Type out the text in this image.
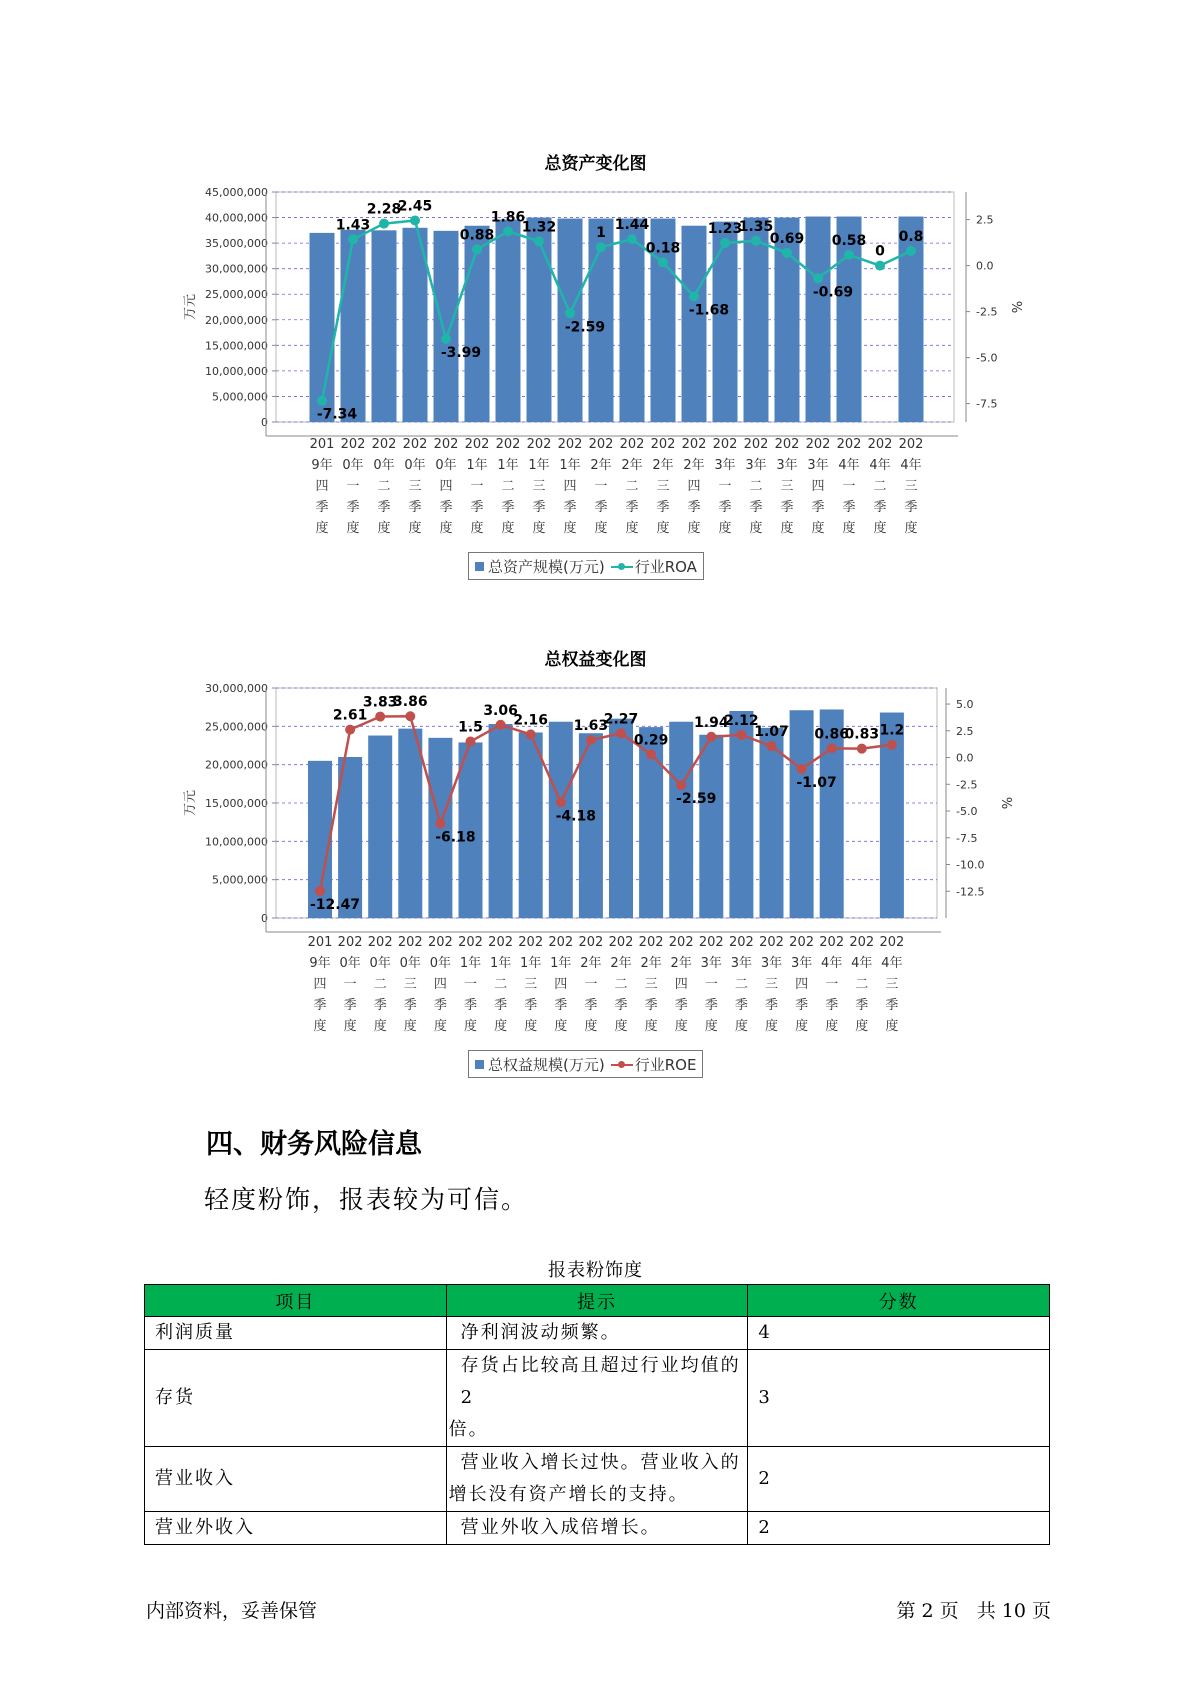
总资产变化图
0
5,000,000
10,000,000
15,000,000
20,000,000
25,000,000
30,000,000
35,000,000
40,000,000
45,000,000
万元
-7.5
-5.0
-2.5
0.0
2.5
%
-7.34
1.43
2.28
2.45
-3.99
0.88
1.86
1.32
-2.59
1
1.44
0.18
-1.68
1.23
1.35
0.69
-0.69
0.58
0
0.8
201
9年
四
季
度
202
0年
一
季
度
202
0年
二
季
度
202
0年
三
季
度
202
0年
四
季
度
202
1年
一
季
度
202
1年
二
季
度
202
1年
三
季
度
202
1年
四
季
度
202
2年
一
季
度
202
2年
二
季
度
202
2年
三
季
度
202
2年
四
季
度
202
3年
一
季
度
202
3年
二
季
度
202
3年
三
季
度
202
3年
四
季
度
202
4年
一
季
度
202
4年
二
季
度
202
4年
三
季
度
总资产规模(万元) 行业ROA
总权益变化图
0
5,000,000
10,000,000
15,000,000
20,000,000
25,000,000
30,000,000
万元
-12.5
-10.0
-7.5
-5.0
-2.5
0.0
2.5
5.0
%
-12.47
2.61
3.83
3.86
-6.18
1.5
3.06
2.16
-4.18
1.63
2.27
0.29
-2.59
1.94
2.12
1.07
-1.07
0.86
0.83 1.2
201
9年
四
季
度
202
0年
一
季
度
202
0年
二
季
度
202
0年
三
季
度
202
0年
四
季
度
202
1年
一
季
度
202
1年
二
季
度
202
1年
三
季
度
202
1年
四
季
度
202
2年
一
季
度
202
2年
二
季
度
202
2年
三
季
度
202
2年
四
季
度
202
3年
一
季
度
202
3年
二
季
度
202
3年
三
季
度
202
3年
四
季
度
202
4年
一
季
度
202
4年
二
季
度
202
4年
三
季
度
总权益规模(万元) 行业ROE
四、财务风险信息
轻度粉饰，报表较为可信。
报表粉饰度
项目	提示	分数
利润质量	净利润波动频繁。	4
存货	存货占比较高且超过行业均值的2
倍。	3
营业收入	营业收入增长过快。营业收入的
增长没有资产增长的支持。	2
营业外收入	营业外收入成倍增长。	2
内部资料，妥善保管	第 2 页   共 10 页
